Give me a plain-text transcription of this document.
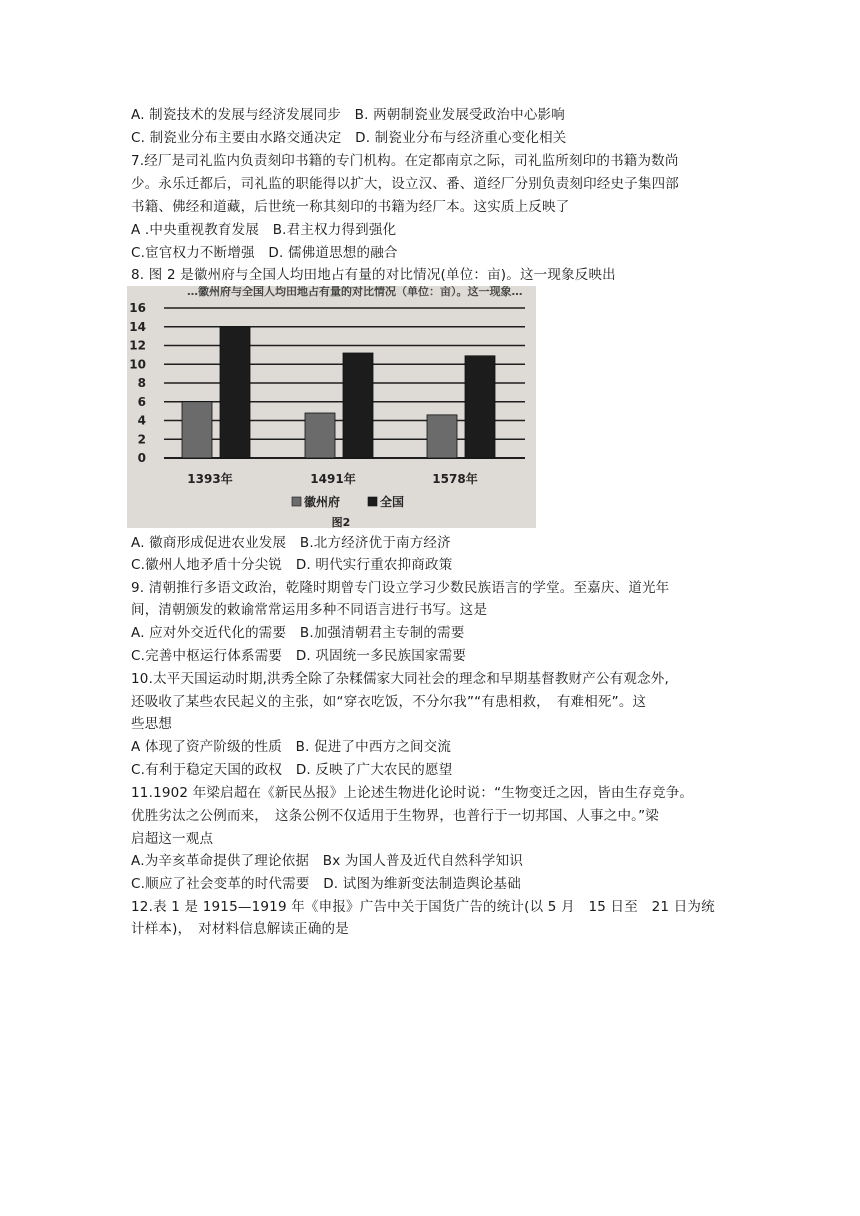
A. 制瓷技术的发展与经济发展同步　B. 两朝制瓷业发展受政治中心影响
C. 制瓷业分布主要由水路交通决定　D. 制瓷业分布与经济重心变化相关
7.经厂是司礼监内负责刻印书籍的专门机构。在定都南京之际，司礼监所刻印的书籍为数尚
少。永乐迁都后，司礼监的职能得以扩大，设立汉、番、道经厂分别负责刻印经史子集四部
书籍、佛经和道藏，后世统一称其刻印的书籍为经厂本。这实质上反映了
A .中央重视教育发展　B.君主权力得到强化
C.宦官权力不断增强　D. 儒佛道思想的融合
8. 图 2 是徽州府与全国人均田地占有量的对比情况(单位：亩)。这一现象反映出
…徽州府与全国人均田地占有量的对比情况（单位：亩）。这一现象…
0
2
4
6
8
10
12
14
16
1393年	1491年	1578年
徽州府	全国
图2
A. 徽商形成促进农业发展　B.北方经济优于南方经济
C.徽州人地矛盾十分尖锐　D. 明代实行重农抑商政策
9. 清朝推行多语文政治，乾隆时期曾专门设立学习少数民族语言的学堂。至嘉庆、道光年
间，清朝颁发的敕谕常常运用多种不同语言进行书写。这是
A. 应对外交近代化的需要　B.加强清朝君主专制的需要
C.完善中枢运行体系需要　D. 巩固统一多民族国家需要
10.太平天国运动时期,洪秀全除了杂糅儒家大同社会的理念和早期基督教财产公有观念外,
还吸收了某些农民起义的主张，如“穿衣吃饭，不分尔我”“有患相救，　有难相死”。这
些思想
A 体现了资产阶级的性质　B. 促进了中西方之间交流
C.有利于稳定天国的政权　D. 反映了广大农民的愿望
11.1902 年梁启超在《新民丛报》上论述生物进化论时说：“生物变迁之因，皆由生存竞争。
优胜劣汰之公例而来，　这条公例不仅适用于生物界，也普行于一切邦国、人事之中。”梁
启超这一观点
A.为辛亥革命提供了理论依据　Bx 为国人普及近代自然科学知识
C.顺应了社会变革的时代需要　D. 试图为维新变法制造舆论基础
12.表 1 是 1915—1919 年《申报》广告中关于国货广告的统计(以 5 月　15 日至　21 日为统
计样本)，　对材料信息解读正确的是
